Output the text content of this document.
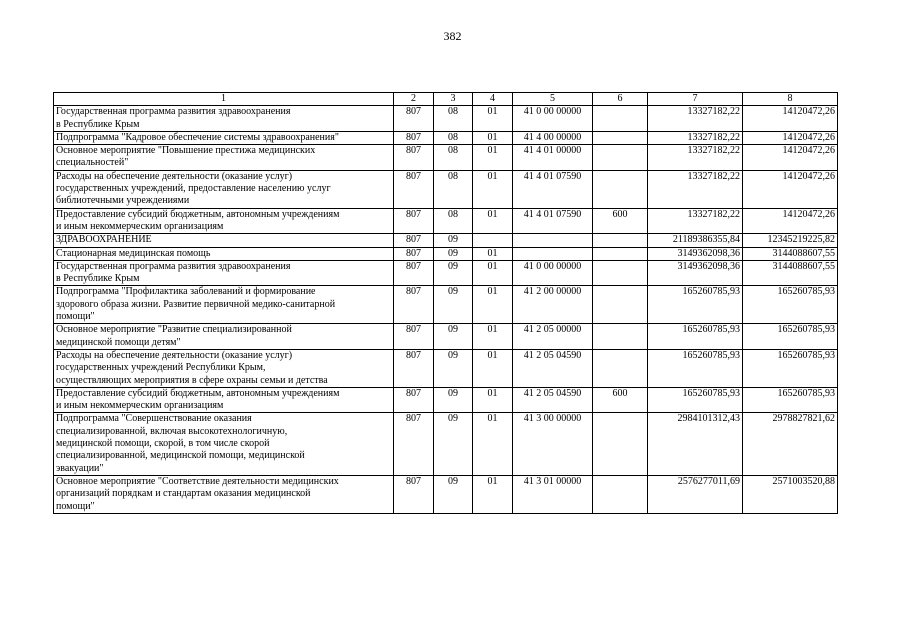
382
1	2	3	4	5	6	7	8
Государственная программа развития здравоохранения
в Республике Крым	807	08	01	41 0 00 00000		13327182,22	14120472,26
Подпрограмма "Кадровое обеспечение системы здравоохранения"	807	08	01	41 4 00 00000		13327182,22	14120472,26
Основное мероприятие "Повышение престижа медицинских
специальностей"	807	08	01	41 4 01 00000		13327182,22	14120472,26
Расходы на обеспечение деятельности (оказание услуг)
государственных учреждений, предоставление населению услуг
библиотечными учреждениями	807	08	01	41 4 01 07590		13327182,22	14120472,26
Предоставление субсидий бюджетным, автономным учреждениям
и иным некоммерческим организациям	807	08	01	41 4 01 07590	600	13327182,22	14120472,26
ЗДРАВООХРАНЕНИЕ	807	09				21189386355,84	12345219225,82
Стационарная медицинская помощь	807	09	01			3149362098,36	3144088607,55
Государственная программа развития здравоохранения
в Республике Крым	807	09	01	41 0 00 00000		3149362098,36	3144088607,55
Подпрограмма "Профилактика заболеваний и формирование
здорового образа жизни. Развитие первичной медико-санитарной
помощи"	807	09	01	41 2 00 00000		165260785,93	165260785,93
Основное мероприятие "Развитие специализированной
медицинской помощи детям"	807	09	01	41 2 05 00000		165260785,93	165260785,93
Расходы на обеспечение деятельности (оказание услуг)
государственных учреждений Республики Крым,
осуществляющих мероприятия в сфере охраны семьи и детства	807	09	01	41 2 05 04590		165260785,93	165260785,93
Предоставление субсидий бюджетным, автономным учреждениям
и иным некоммерческим организациям	807	09	01	41 2 05 04590	600	165260785,93	165260785,93
Подпрограмма "Совершенствование оказания
специализированной, включая высокотехнологичную,
медицинской помощи, скорой, в том числе скорой
специализированной, медицинской помощи, медицинской
эвакуации"	807	09	01	41 3 00 00000		2984101312,43	2978827821,62
Основное мероприятие "Соответствие деятельности медицинских
организаций порядкам и стандартам оказания медицинской
помощи"	807	09	01	41 3 01 00000		2576277011,69	2571003520,88
